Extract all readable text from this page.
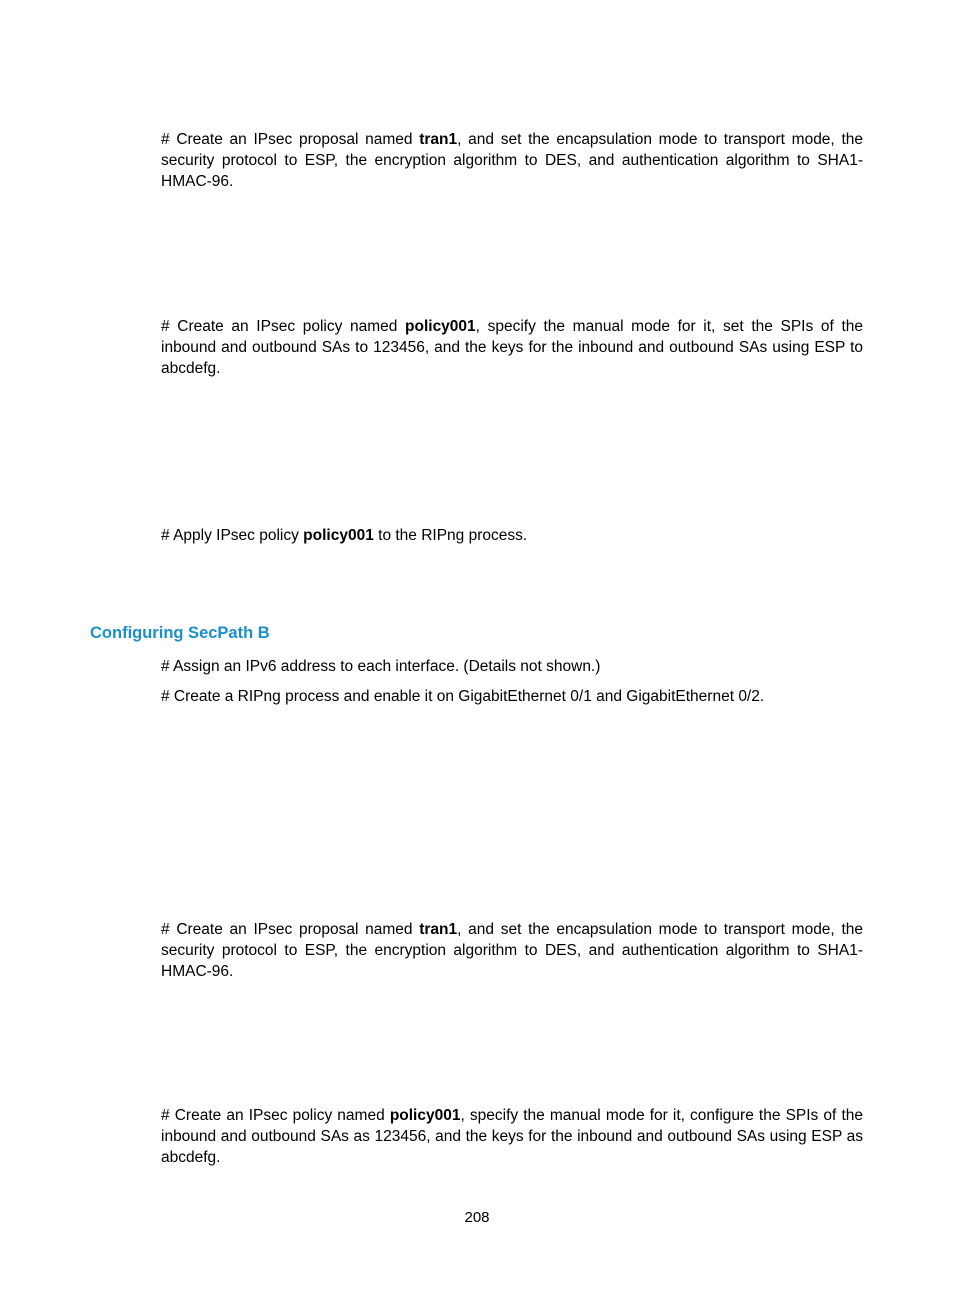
# Create an IPsec proposal named tran1, and set the encapsulation mode to transport mode, the security protocol to ESP, the encryption algorithm to DES, and authentication algorithm to SHA1-HMAC-96.

# Create an IPsec policy named policy001, specify the manual mode for it, set the SPIs of the inbound and outbound SAs to 123456, and the keys for the inbound and outbound SAs using ESP to abcdefg.

# Apply IPsec policy policy001 to the RIPng process.

Configuring SecPath B

# Assign an IPv6 address to each interface. (Details not shown.)

# Create a RIPng process and enable it on GigabitEthernet 0/1 and GigabitEthernet 0/2.

# Create an IPsec proposal named tran1, and set the encapsulation mode to transport mode, the security protocol to ESP, the encryption algorithm to DES, and authentication algorithm to SHA1-HMAC-96.

# Create an IPsec policy named policy001, specify the manual mode for it, configure the SPIs of the inbound and outbound SAs as 123456, and the keys for the inbound and outbound SAs using ESP as abcdefg.

208
